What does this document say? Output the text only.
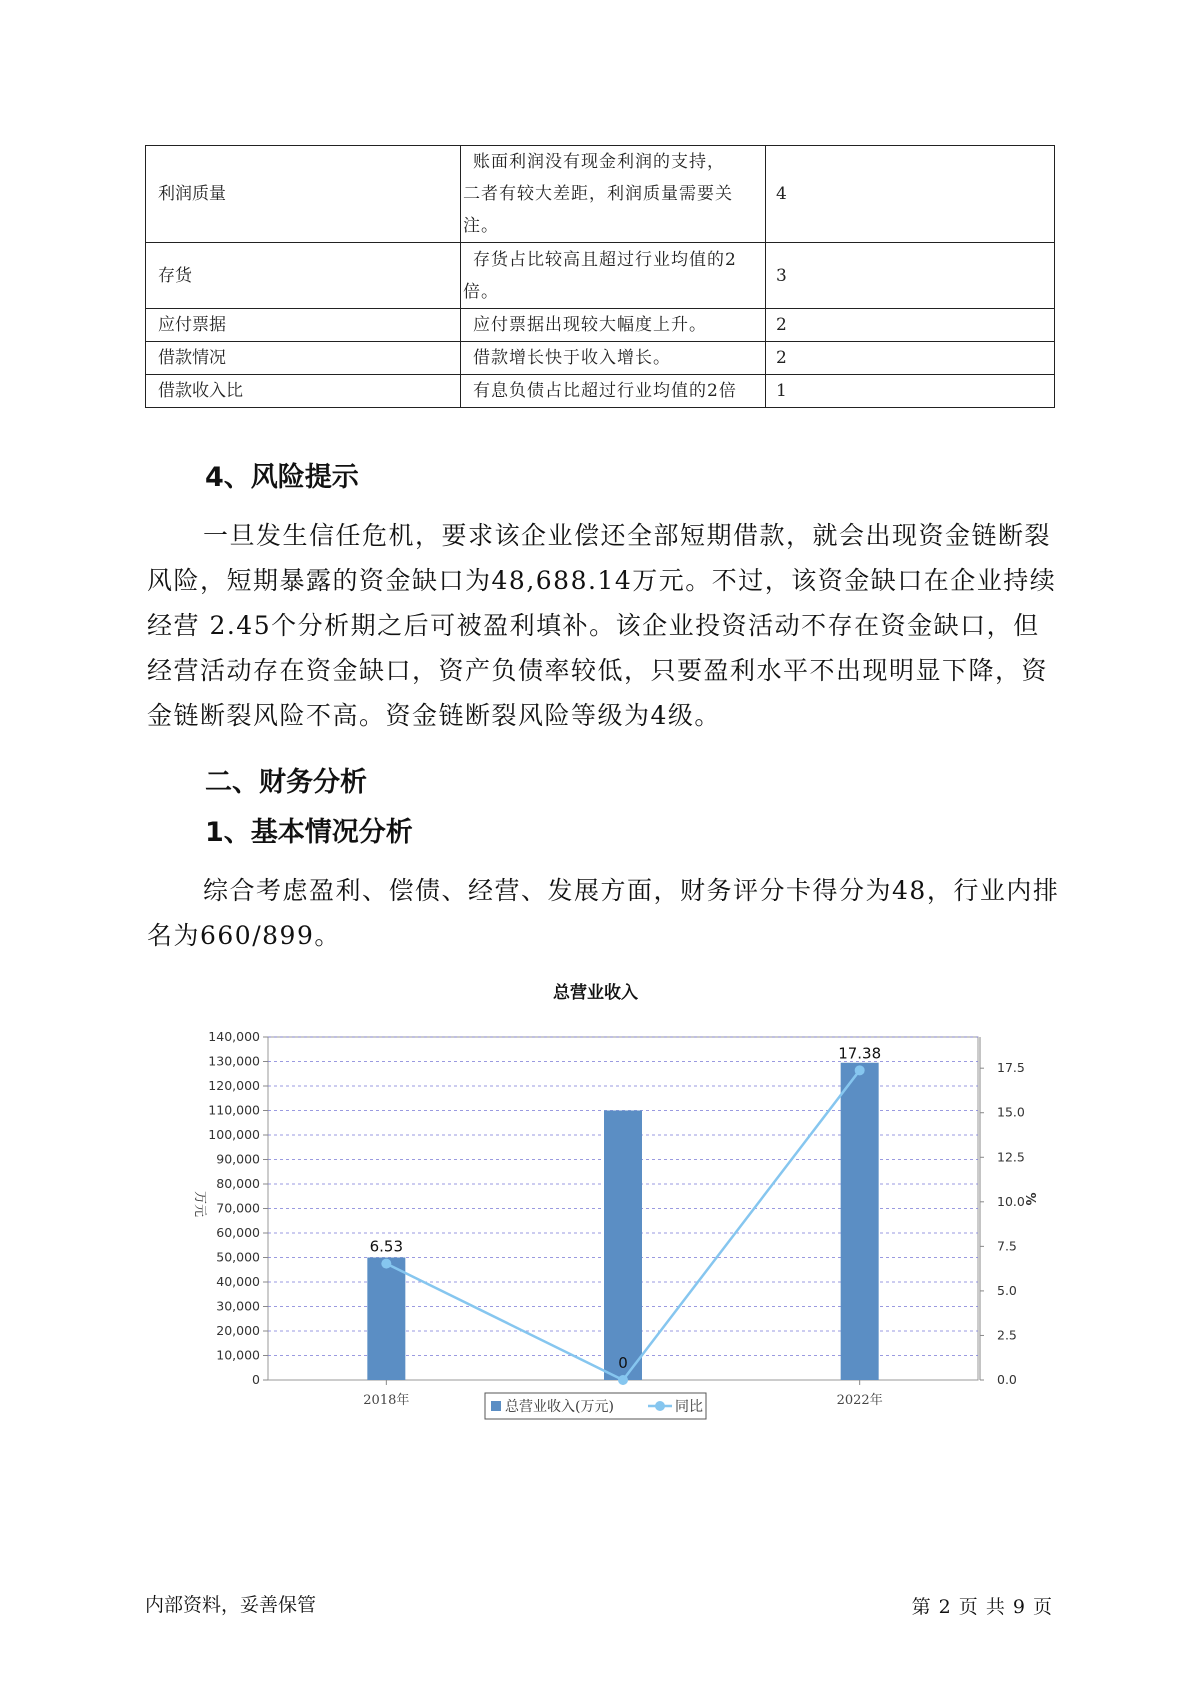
利润质量	账面利润没有现金利润的支持，
二者有较大差距，利润质量需要关
注。	4
存货	存货占比较高且超过行业均值的2
倍。	3
应付票据	应付票据出现较大幅度上升。	2
借款情况	借款增长快于收入增长。	2
借款收入比	有息负债占比超过行业均值的2倍	1
4、风险提示
一旦发生信任危机，要求该企业偿还全部短期借款，就会出现资金链断裂风险，短期暴露的资金缺口为48,688.14万元。不过，该资金缺口在企业持续经营 2.45个分析期之后可被盈利填补。该企业投资活动不存在资金缺口，但经营活动存在资金缺口，资产负债率较低，只要盈利水平不出现明显下降，资金链断裂风险不高。资金链断裂风险等级为4级。
二、财务分析
1、基本情况分析
综合考虑盈利、偿债、经营、发展方面，财务评分卡得分为48，行业内排名为660/899。
总营业收入
0
10,000
20,000
30,000
40,000
50,000
60,000
70,000
80,000
90,000
100,000
110,000
120,000
130,000
140,000
0.0
2.5
5.0
7.5
10.0
12.5
15.0
17.5
万元	%
2018年	2022年
6.53
0
17.38
总营业收入(万元)	同比
内部资料，妥善保管	第 2 页 共 9 页
